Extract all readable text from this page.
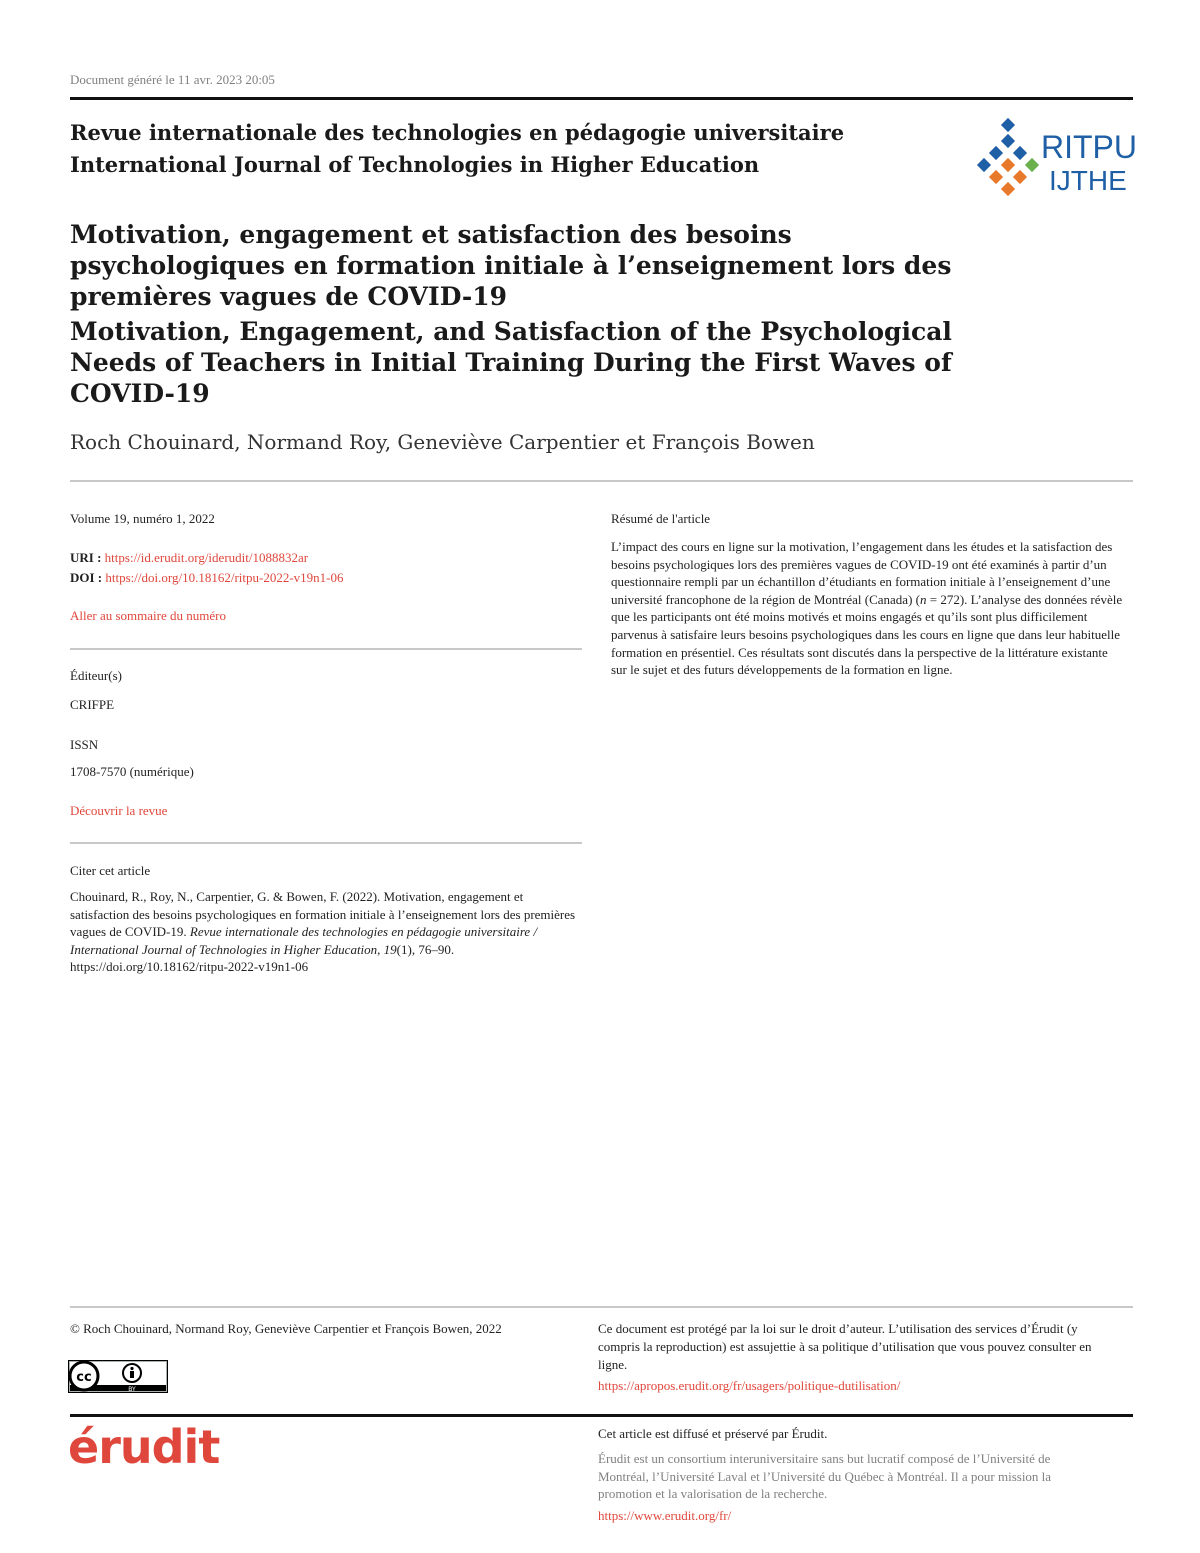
Document généré le 11 avr. 2023 20:05
Revue internationale des technologies en pédagogie universitaire
International Journal of Technologies in Higher Education	RITPU
IJTHE
Motivation, engagement et satisfaction des besoins psychologiques en formation initiale à l’enseignement lors des premières vagues de COVID-19
Motivation, Engagement, and Satisfaction of the Psychological Needs of Teachers in Initial Training During the First Waves of COVID-19
Roch Chouinard, Normand Roy, Geneviève Carpentier et François Bowen
Volume 19, numéro 1, 2022
URI : https://id.erudit.org/iderudit/1088832ar
DOI : https://doi.org/10.18162/ritpu-2022-v19n1-06
Aller au sommaire du numéro
Éditeur(s)
CRIFPE
ISSN
1708-7570 (numérique)
Découvrir la revue
Citer cet article
Chouinard, R., Roy, N., Carpentier, G. & Bowen, F. (2022). Motivation, engagement et satisfaction des besoins psychologiques en formation initiale à l’enseignement lors des premières vagues de COVID-19. Revue internationale des technologies en pédagogie universitaire / International Journal of Technologies in Higher Education, 19(1), 76–90. https://doi.org/10.18162/ritpu-2022-v19n1-06
Résumé de l'article
L’impact des cours en ligne sur la motivation, l’engagement dans les études et la satisfaction des besoins psychologiques lors des premières vagues de COVID-19 ont été examinés à partir d’un questionnaire rempli par un échantillon d’étudiants en formation initiale à l’enseignement d’une université francophone de la région de Montréal (Canada) (n = 272). L’analyse des données révèle que les participants ont été moins motivés et moins engagés et qu’ils sont plus difficilement parvenus à satisfaire leurs besoins psychologiques dans les cours en ligne que dans leur habituelle formation en présentiel. Ces résultats sont discutés dans la perspective de la littérature existante sur le sujet et des futurs développements de la formation en ligne.
© Roch Chouinard, Normand Roy, Geneviève Carpentier et François Bowen, 2022
cc
BY
Ce document est protégé par la loi sur le droit d’auteur. L’utilisation des services d’Érudit (y compris la reproduction) est assujettie à sa politique d’utilisation que vous pouvez consulter en ligne.
https://apropos.erudit.org/fr/usagers/politique-dutilisation/
érudit	Cet article est diffusé et préservé par Érudit.
Érudit est un consortium interuniversitaire sans but lucratif composé de l’Université de Montréal, l’Université Laval et l’Université du Québec à Montréal. Il a pour mission la promotion et la valorisation de la recherche.
https://www.erudit.org/fr/
